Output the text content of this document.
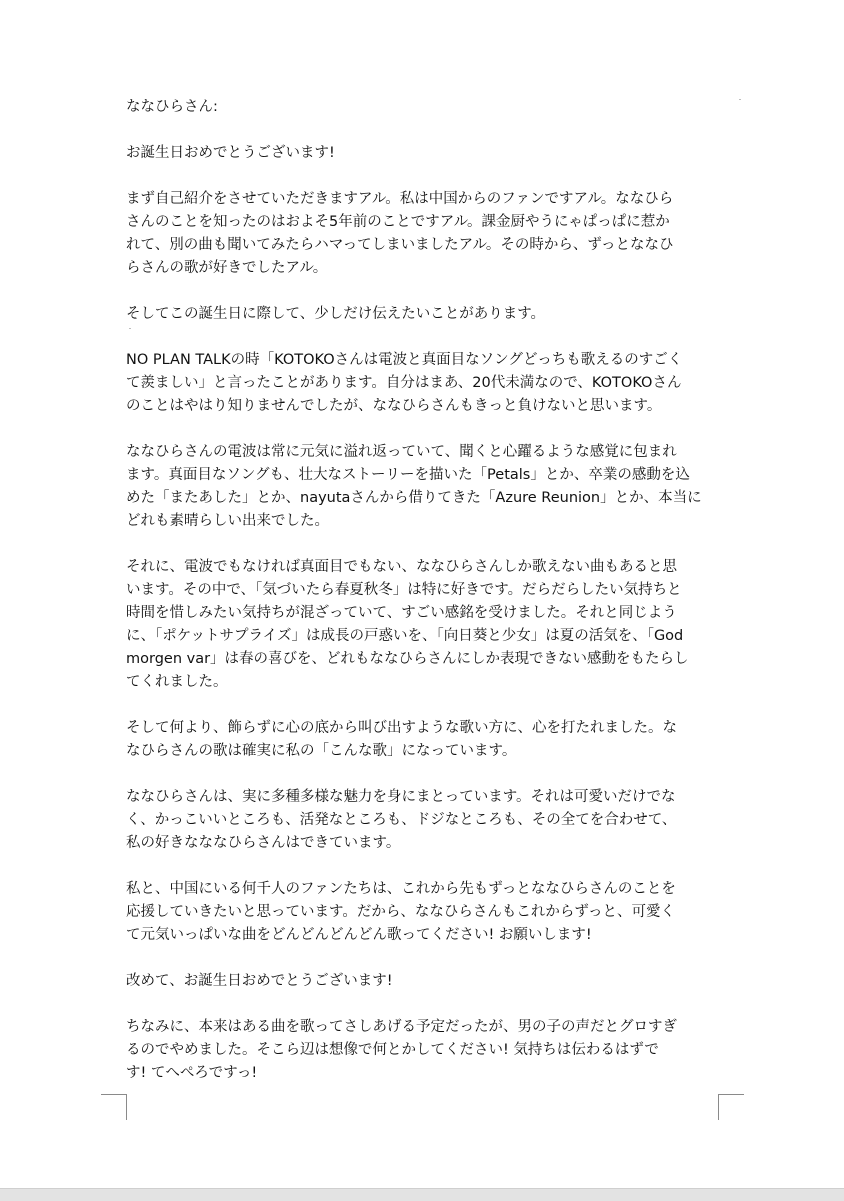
ななひらさん:

お誕生日おめでとうございます!

まず自己紹介をさせていただきますアル。私は中国からのファンですアル。ななひら
さんのことを知ったのはおよそ5年前のことですアル。課金厨やうにゃぱっぱに惹か
れて、別の曲も聞いてみたらハマってしまいましたアル。その時から、ずっとななひ
らさんの歌が好きでしたアル。

そしてこの誕生日に際して、少しだけ伝えたいことがあります。

NO PLAN TALKの時「KOTOKOさんは電波と真面目なソングどっちも歌えるのすごく
て羨ましい」と言ったことがあります。自分はまあ、20代未満なので、KOTOKOさん
のことはやはり知りませんでしたが、ななひらさんもきっと負けないと思います。

ななひらさんの電波は常に元気に溢れ返っていて、聞くと心躍るような感覚に包まれ
ます。真面目なソングも、壮大なストーリーを描いた「Petals」とか、卒業の感動を込
めた「またあした」とか、nayutaさんから借りてきた「Azure Reunion」とか、本当に
どれも素晴らしい出来でした。

それに、電波でもなければ真面目でもない、ななひらさんしか歌えない曲もあると思
います。その中で、「気づいたら春夏秋冬」は特に好きです。だらだらしたい気持ちと
時間を惜しみたい気持ちが混ざっていて、すごい感銘を受けました。それと同じよう
に、「ポケットサプライズ」は成長の戸惑いを、「向日葵と少女」は夏の活気を、「God
morgen var」は春の喜びを、どれもななひらさんにしか表現できない感動をもたらし
てくれました。

そして何より、飾らずに心の底から叫び出すような歌い方に、心を打たれました。な
なひらさんの歌は確実に私の「こんな歌」になっています。

ななひらさんは、実に多種多様な魅力を身にまとっています。それは可愛いだけでな
く、かっこいいところも、活発なところも、ドジなところも、その全てを合わせて、
私の好きなななひらさんはできています。

私と、中国にいる何千人のファンたちは、これから先もずっとななひらさんのことを
応援していきたいと思っています。だから、ななひらさんもこれからずっと、可愛く
て元気いっぱいな曲をどんどんどんどん歌ってください! お願いします!

改めて、お誕生日おめでとうございます!

ちなみに、本来はある曲を歌ってさしあげる予定だったが、男の子の声だとグロすぎ
るのでやめました。そこら辺は想像で何とかしてください! 気持ちは伝わるはずで
す! てへぺろですっ!
